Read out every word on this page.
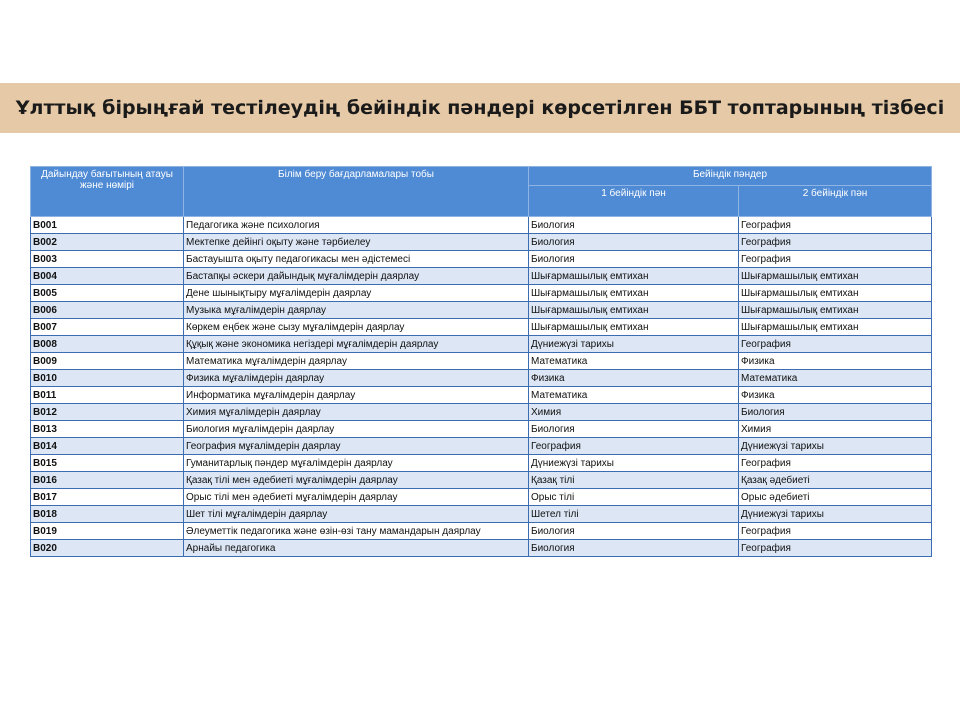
Ұлттық бірыңғай тестілеудің бейіндік пәндері көрсетілген ББТ топтарының тізбесі
Дайындау бағытының атауы және нөмірі	Білім беру бағдарламалары тобы	Бейіндік пәндер	
		1 бейіндік пән	2 бейіндік пән
B001	Педагогика және психология	Биология	География
B002	Мектепке дейінгі оқыту және тәрбиелеу	Биология	География
B003	Бастауышта оқыту педагогикасы мен әдістемесі	Биология	География
B004	Бастапқы әскери дайындық мұғалімдерін даярлау	Шығармашылық емтихан	Шығармашылық емтихан
B005	Дене шынықтыру мұғалімдерін даярлау	Шығармашылық емтихан	Шығармашылық емтихан
B006	Музыка мұғалімдерін даярлау	Шығармашылық емтихан	Шығармашылық емтихан
B007	Көркем еңбек және сызу мұғалімдерін даярлау	Шығармашылық емтихан	Шығармашылық емтихан
B008	Құқық және экономика негіздері мұғалімдерін даярлау	Дүниежүзі тарихы	География
B009	Математика мұғалімдерін даярлау	Математика	Физика
B010	Физика мұғалімдерін даярлау	Физика	Математика
B011	Информатика мұғалімдерін даярлау	Математика	Физика
B012	Химия мұғалімдерін даярлау	Химия	Биология
B013	Биология мұғалімдерін даярлау	Биология	Химия
B014	География мұғалімдерін даярлау	География	Дүниежүзі тарихы
B015	Гуманитарлық пәндер мұғалімдерін даярлау	Дүниежүзі тарихы	География
B016	Қазақ тілі мен әдебиеті мұғалімдерін даярлау	Қазақ тілі	Қазақ әдебиеті
B017	Орыс тілі мен әдебиеті мұғалімдерін даярлау	Орыс тілі	Орыс әдебиеті
B018	Шет тілі мұғалімдерін даярлау	Шетел тілі	Дүниежүзі тарихы
B019	Әлеуметтік педагогика және өзін-өзі тану мамандарын даярлау	Биология	География
B020	Арнайы педагогика	Биология	География
